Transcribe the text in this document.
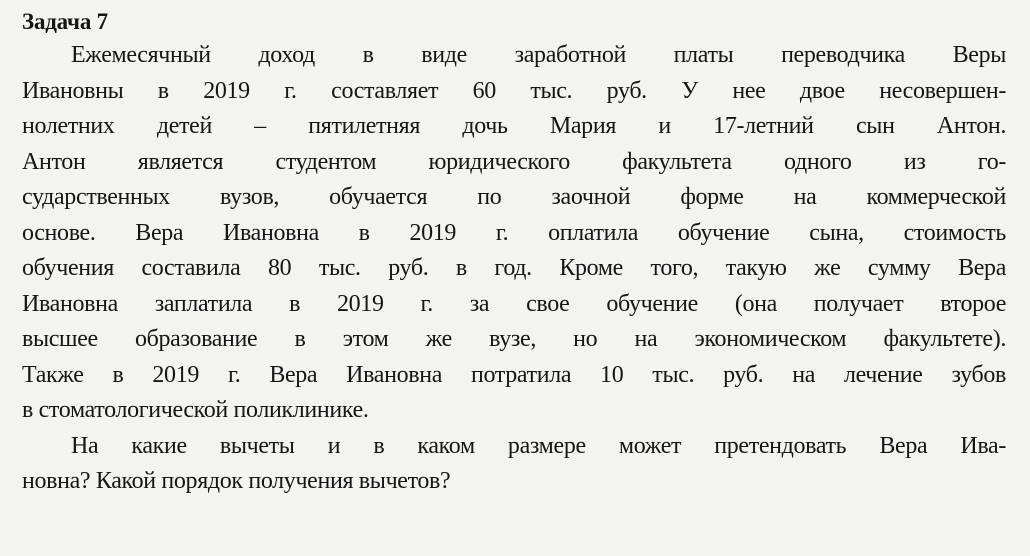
Задача 7
Ежемесячный доход в виде заработной платы переводчика Веры
Ивановны в 2019 г. составляет 60 тыс. руб. У нее двое несовершен-
нолетних детей – пятилетняя дочь Мария и 17-летний сын Антон.
Антон является студентом юридического факультета одного из го-
сударственных вузов, обучается по заочной форме на коммерческой
основе. Вера Ивановна в 2019 г. оплатила обучение сына, стоимость
обучения составила 80 тыс. руб. в год. Кроме того, такую же сумму Вера
Ивановна заплатила в 2019 г. за свое обучение (она получает второе
высшее образование в этом же вузе, но на экономическом факультете).
Также в 2019 г. Вера Ивановна потратила 10 тыс. руб. на лечение зубов
в стоматологической поликлинике.
На какие вычеты и в каком размере может претендовать Вера Ива-
новна? Какой порядок получения вычетов?
